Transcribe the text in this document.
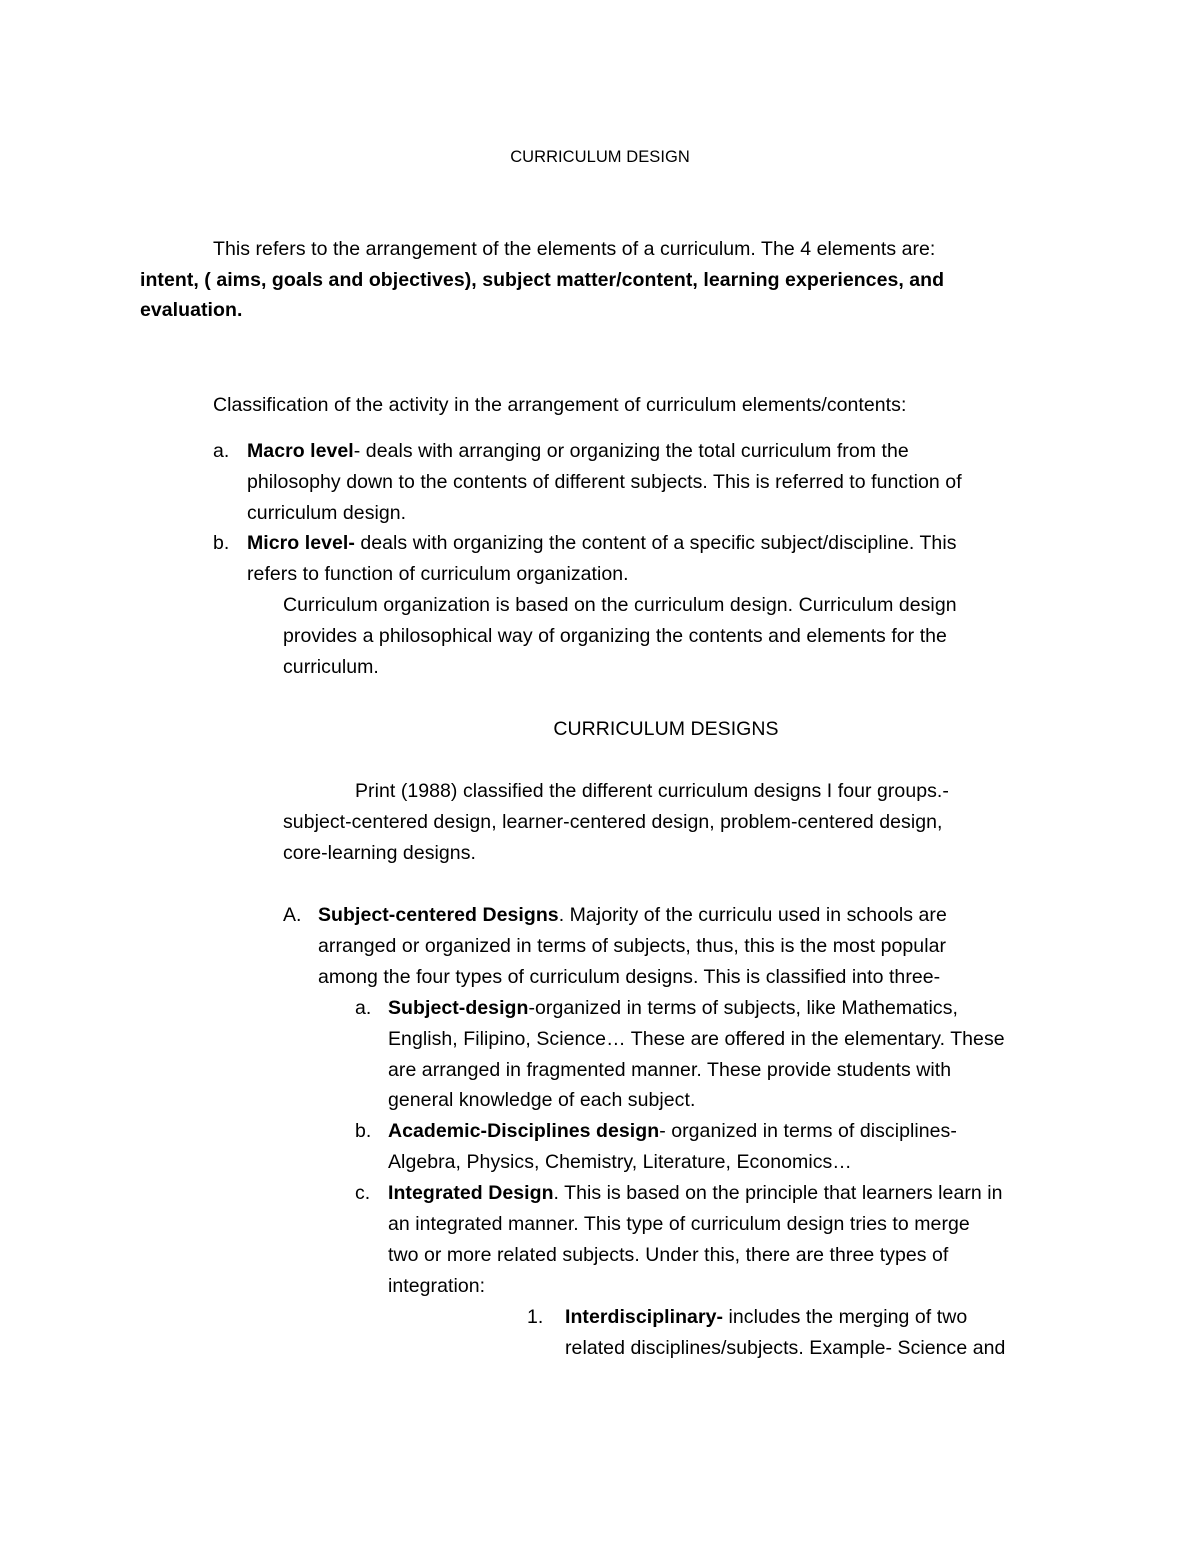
CURRICULUM DESIGN
This refers to the arrangement of the elements of a curriculum. The 4 elements are:
intent, ( aims, goals and objectives), subject matter/content, learning experiences, and
evaluation.
Classification of the activity in the arrangement of curriculum elements/contents:
a. Macro level- deals with arranging or organizing the total curriculum from the
philosophy down to the contents of different subjects. This is referred to function of
curriculum design.
b. Micro level- deals with organizing the content of a specific subject/discipline. This
refers to function of curriculum organization.
Curriculum organization is based on the curriculum design. Curriculum design
provides a philosophical way of organizing the contents and elements for the
curriculum.
CURRICULUM DESIGNS
Print (1988) classified the different curriculum designs I four groups.-
subject-centered design, learner-centered design, problem-centered design,
core-learning designs.
A. Subject-centered Designs. Majority of the curriculu used in schools are
arranged or organized in terms of subjects, thus, this is the most popular
among the four types of curriculum designs. This is classified into three-
a. Subject-design-organized in terms of subjects, like Mathematics,
English, Filipino, Science… These are offered in the elementary. These
are arranged in fragmented manner. These provide students with
general knowledge of each subject.
b. Academic-Disciplines design- organized in terms of disciplines-
Algebra, Physics, Chemistry, Literature, Economics…
c. Integrated Design. This is based on the principle that learners learn in
an integrated manner. This type of curriculum design tries to merge
two or more related subjects. Under this, there are three types of
integration:
1. Interdisciplinary- includes the merging of two
related disciplines/subjects. Example- Science and
